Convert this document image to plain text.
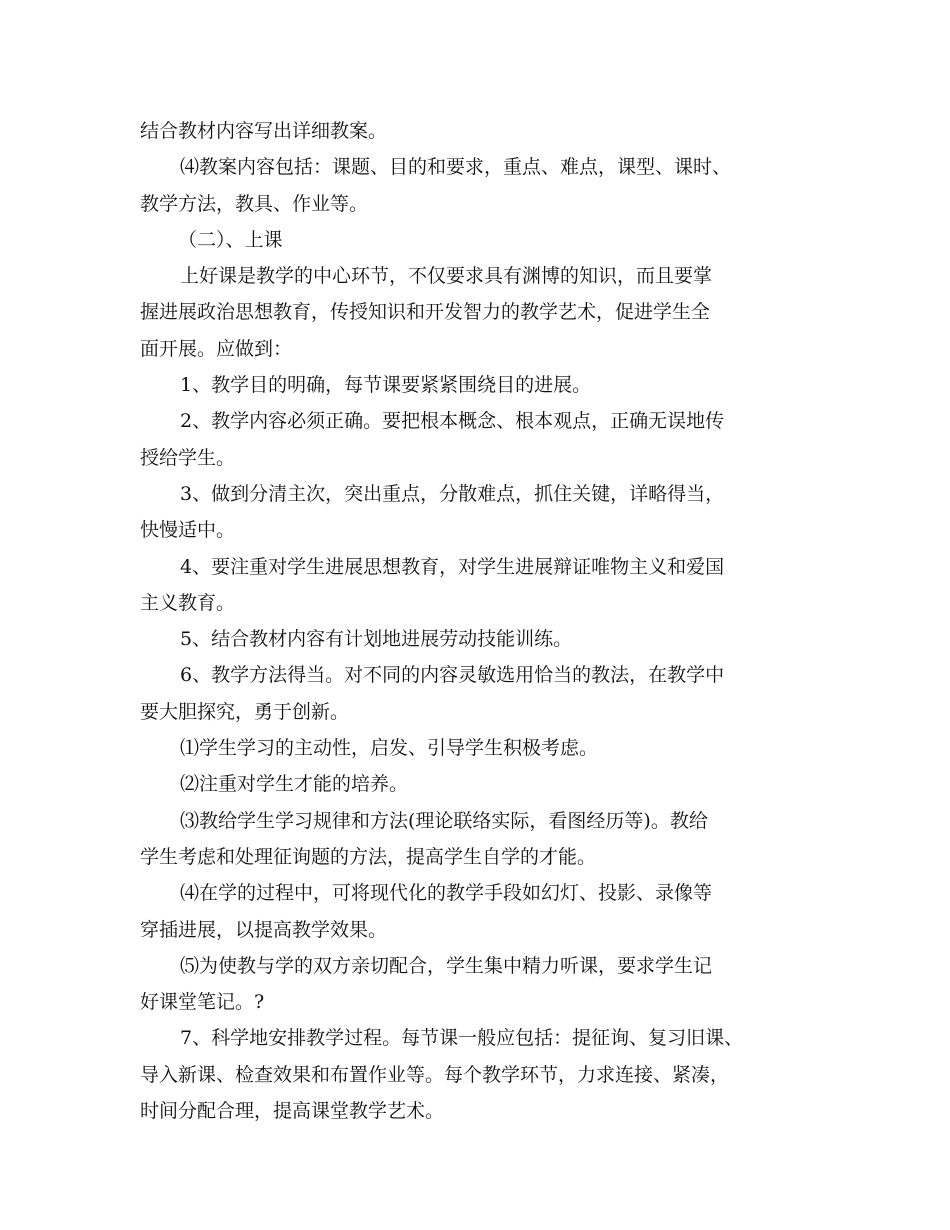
结合教材内容写出详细教案。
⑷教案内容包括：课题、目的和要求，重点、难点，课型、课时、
教学方法，教具、作业等。
（二）、上课
上好课是教学的中心环节，不仅要求具有渊博的知识，而且要掌
握进展政治思想教育，传授知识和开发智力的教学艺术，促进学生全
面开展。应做到：
1、教学目的明确，每节课要紧紧围绕目的进展。
2、教学内容必须正确。要把根本概念、根本观点，正确无误地传
授给学生。
3、做到分清主次，突出重点，分散难点，抓住关键，详略得当，
快慢适中。
4、要注重对学生进展思想教育，对学生进展辩证唯物主义和爱国
主义教育。
5、结合教材内容有计划地进展劳动技能训练。
6、教学方法得当。对不同的内容灵敏选用恰当的教法，在教学中
要大胆探究，勇于创新。
⑴学生学习的主动性，启发、引导学生积极考虑。
⑵注重对学生才能的培养。
⑶教给学生学习规律和方法(理论联络实际，看图经历等)。教给
学生考虑和处理征询题的方法，提高学生自学的才能。
⑷在学的过程中，可将现代化的教学手段如幻灯、投影、录像等
穿插进展，以提高教学效果。
⑸为使教与学的双方亲切配合，学生集中精力听课，要求学生记
好课堂笔记。?
7、科学地安排教学过程。每节课一般应包括：提征询、复习旧课、
导入新课、检查效果和布置作业等。每个教学环节，力求连接、紧凑，
时间分配合理，提高课堂教学艺术。
